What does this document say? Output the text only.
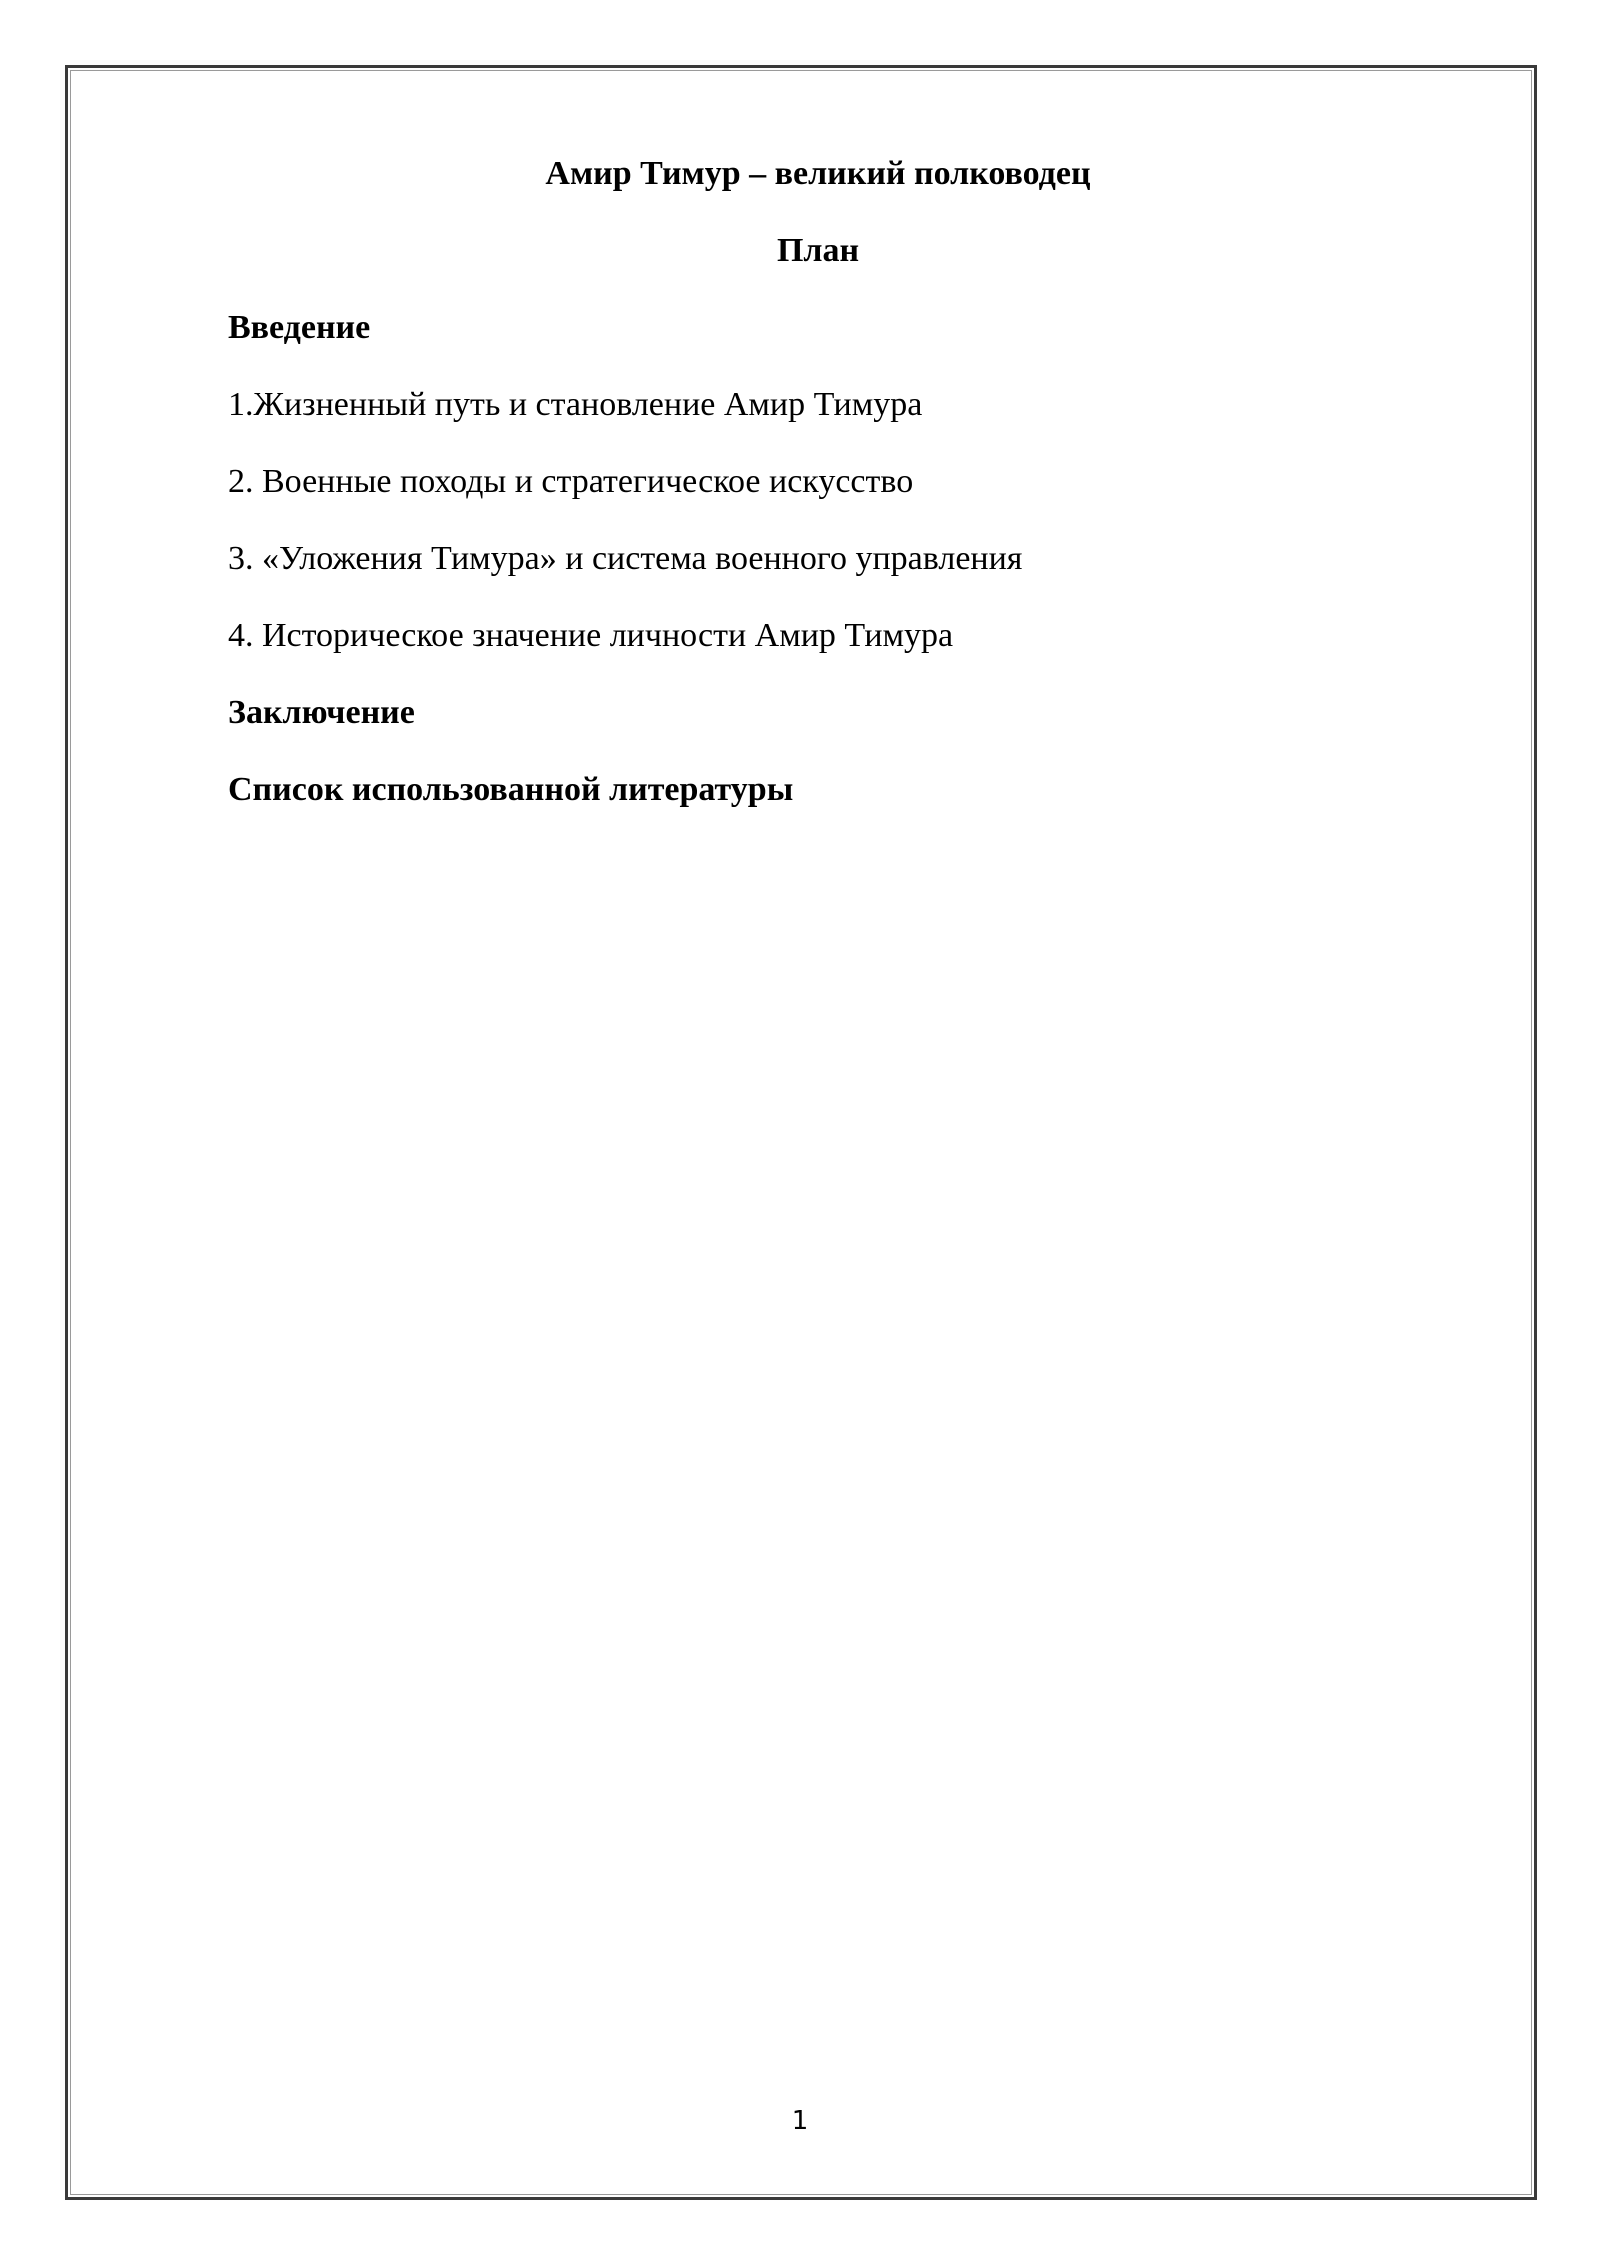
Амир Тимур – великий полководец
План
Введение
1.Жизненный путь и становление Амир Тимура
2. Военные походы и стратегическое искусство
3. «Уложения Тимура» и система военного управления
4. Историческое значение личности Амир Тимура
Заключение
Список использованной литературы
1
